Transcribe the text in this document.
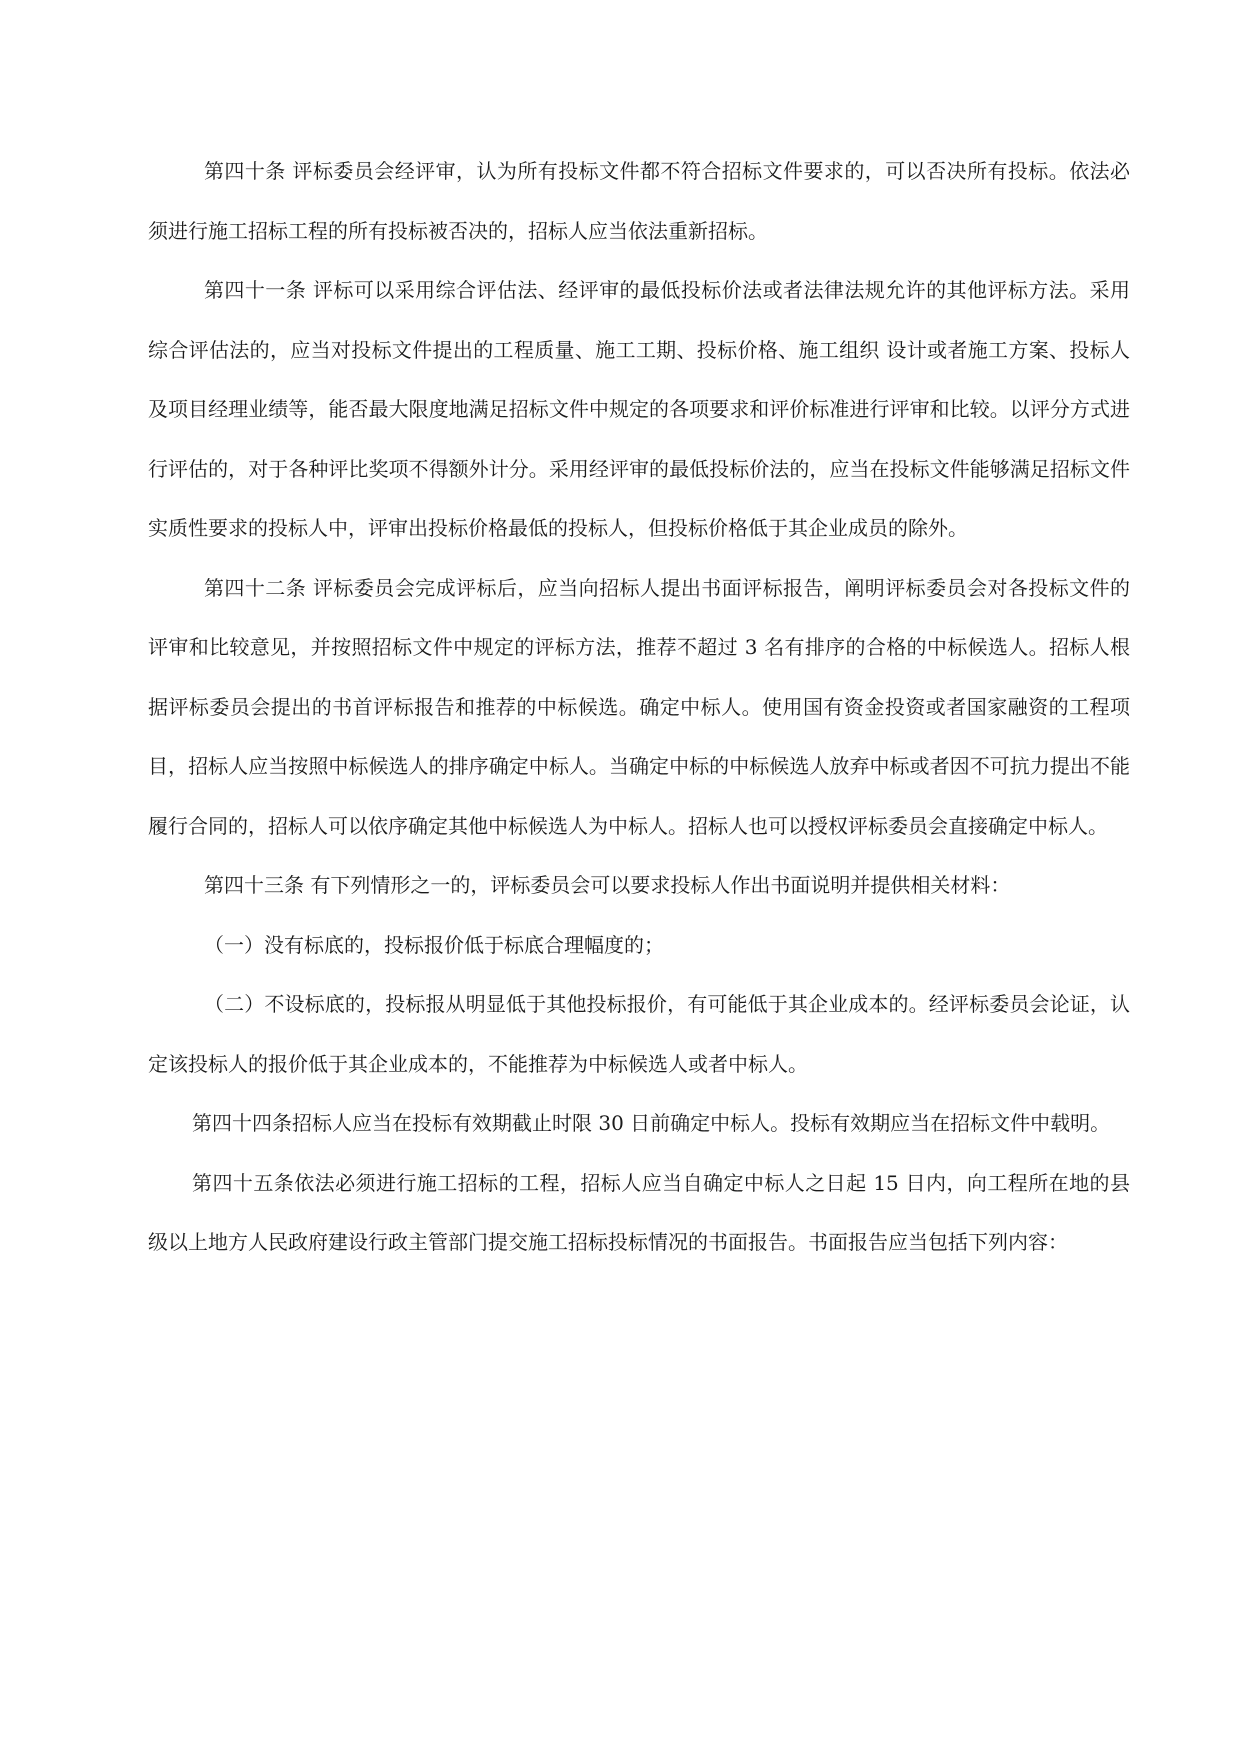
第四十条 评标委员会经评审，认为所有投标文件都不符合招标文件要求的，可以否决所有投标。依法必须进行施工招标工程的所有投标被否决的，招标人应当依法重新招标。

第四十一条 评标可以采用综合评估法、经评审的最低投标价法或者法律法规允许的其他评标方法。采用综合评估法的，应当对投标文件提出的工程质量、施工工期、投标价格、施工组织 设计或者施工方案、投标人及项目经理业绩等，能否最大限度地满足招标文件中规定的各项要求和评价标准进行评审和比较。以评分方式进行评估的，对于各种评比奖项不得额外计分。采用经评审的最低投标价法的，应当在投标文件能够满足招标文件实质性要求的投标人中，评审出投标价格最低的投标人，但投标价格低于其企业成员的除外。

第四十二条 评标委员会完成评标后，应当向招标人提出书面评标报告，阐明评标委员会对各投标文件的评审和比较意见，并按照招标文件中规定的评标方法，推荐不超过 3 名有排序的合格的中标候选人。招标人根据评标委员会提出的书首评标报告和推荐的中标候选。确定中标人。使用国有资金投资或者国家融资的工程项目，招标人应当按照中标候选人的排序确定中标人。当确定中标的中标候选人放弃中标或者因不可抗力提出不能履行合同的，招标人可以依序确定其他中标候选人为中标人。招标人也可以授权评标委员会直接确定中标人。

第四十三条 有下列情形之一的，评标委员会可以要求投标人作出书面说明并提供相关材料：

（一）没有标底的，投标报价低于标底合理幅度的；

（二）不设标底的，投标报从明显低于其他投标报价，有可能低于其企业成本的。经评标委员会论证，认定该投标人的报价低于其企业成本的，不能推荐为中标候选人或者中标人。

第四十四条招标人应当在投标有效期截止时限 30 日前确定中标人。投标有效期应当在招标文件中载明。

第四十五条依法必须进行施工招标的工程，招标人应当自确定中标人之日起 15 日内，向工程所在地的县级以上地方人民政府建设行政主管部门提交施工招标投标情况的书面报告。书面报告应当包括下列内容：
